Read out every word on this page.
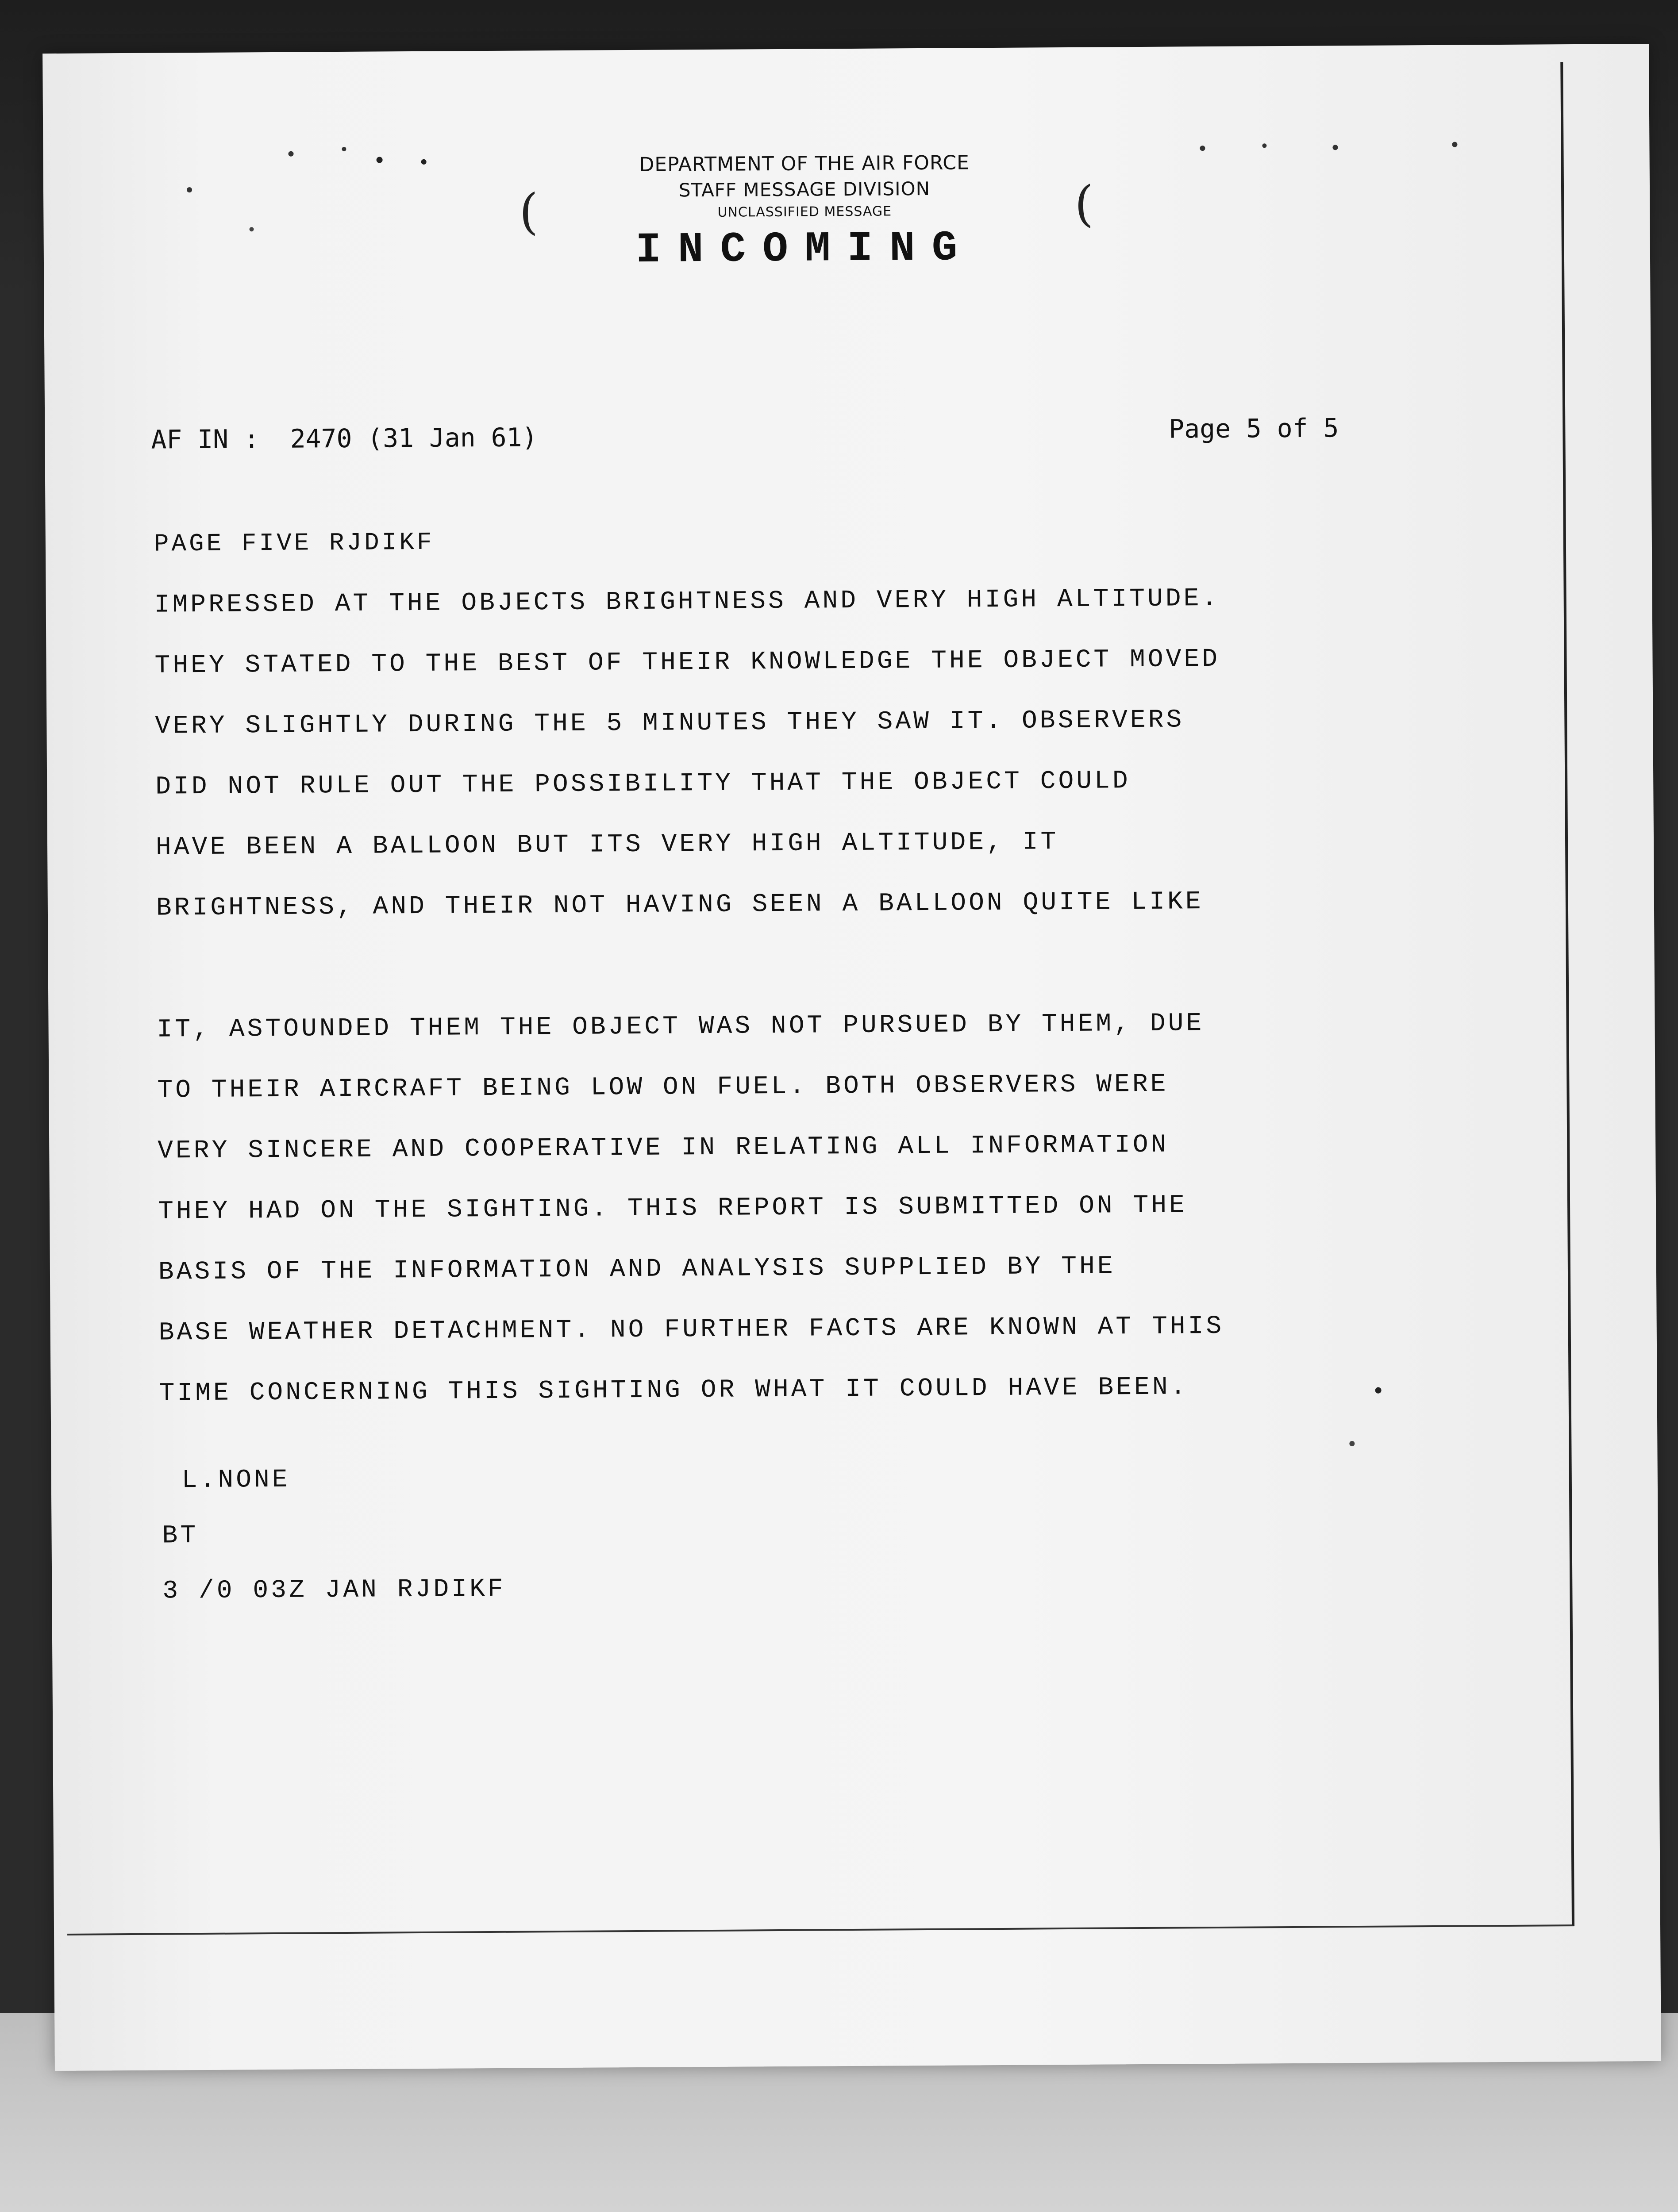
(	(
DEPARTMENT OF THE AIR FORCE
STAFF MESSAGE DIVISION
UNCLASSIFIED MESSAGE
INCOMING
AF IN :  2470 (31 Jan 61)	Page 5 of 5
PAGE FIVE RJDIKF
IMPRESSED AT THE OBJECTS BRIGHTNESS AND VERY HIGH ALTITUDE.
THEY STATED TO THE BEST OF THEIR KNOWLEDGE THE OBJECT MOVED
VERY SLIGHTLY DURING THE 5 MINUTES THEY SAW IT. OBSERVERS
DID NOT RULE OUT THE POSSIBILITY THAT THE OBJECT COULD
HAVE BEEN A BALLOON BUT ITS VERY HIGH ALTITUDE, IT
BRIGHTNESS, AND THEIR NOT HAVING SEEN A BALLOON QUITE LIKE
IT, ASTOUNDED THEM THE OBJECT WAS NOT PURSUED BY THEM, DUE
TO THEIR AIRCRAFT BEING LOW ON FUEL. BOTH OBSERVERS WERE
VERY SINCERE AND COOPERATIVE IN RELATING ALL INFORMATION
THEY HAD ON THE SIGHTING. THIS REPORT IS SUBMITTED ON THE
BASIS OF THE INFORMATION AND ANALYSIS SUPPLIED BY THE
BASE WEATHER DETACHMENT. NO FURTHER FACTS ARE KNOWN AT THIS
TIME CONCERNING THIS SIGHTING OR WHAT IT COULD HAVE BEEN.
L.NONE
BT
3 /0 03Z JAN RJDIKF
